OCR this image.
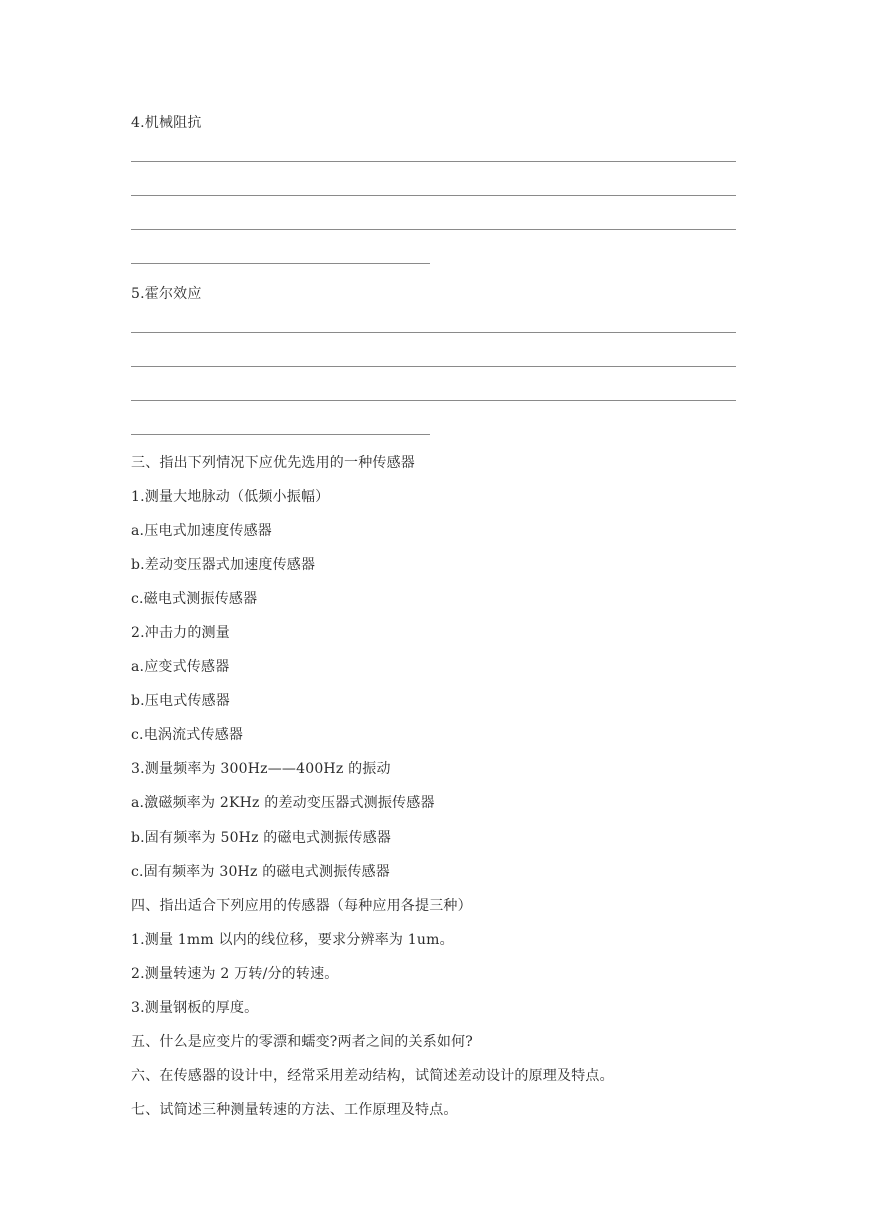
4.机械阻抗
5.霍尔效应
三、指出下列情况下应优先选用的一种传感器
1.测量大地脉动（低频小振幅）
a.压电式加速度传感器
b.差动变压器式加速度传感器
c.磁电式测振传感器
2.冲击力的测量
a.应变式传感器
b.压电式传感器
c.电涡流式传感器
3.测量频率为 300Hz——400Hz 的振动
a.激磁频率为 2KHz 的差动变压器式测振传感器
b.固有频率为 50Hz 的磁电式测振传感器
c.固有频率为 30Hz 的磁电式测振传感器
四、指出适合下列应用的传感器（每种应用各提三种）
1.测量 1mm 以内的线位移，要求分辨率为 1um。
2.测量转速为 2 万转/分的转速。
3.测量钢板的厚度。
五、什么是应变片的零漂和蠕变?两者之间的关系如何?
六、在传感器的设计中，经常采用差动结构，试简述差动设计的原理及特点。
七、试简述三种测量转速的方法、工作原理及特点。
